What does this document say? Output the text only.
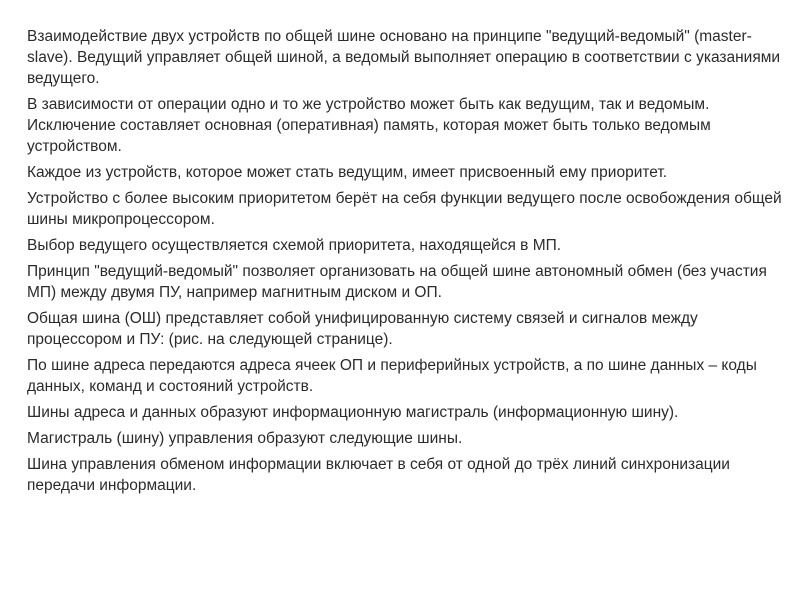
Взаимодействие двух устройств по общей шине основано на принципе "ведущий-ведомый" (master-slave). Ведущий управляет общей шиной, а ведомый выполняет операцию в соответствии с указаниями ведущего.

В зависимости от операции одно и то же устройство может быть как ведущим, так и ведомым. Исключение составляет основная (оперативная) память, которая может быть только ведомым устройством.

Каждое из устройств, которое может стать ведущим, имеет присвоенный ему приоритет.

Устройство с более высоким приоритетом берёт на себя функции ведущего после освобождения общей шины микропроцессором.

Выбор ведущего осуществляется схемой приоритета, находящейся в МП.

Принцип "ведущий-ведомый" позволяет организовать на общей шине автономный обмен (без участия МП) между двумя ПУ, например магнитным диском и ОП.

Общая шина (ОШ) представляет собой унифицированную систему связей и сигналов между процессором и ПУ: (рис. на следующей странице).

По шине адреса передаются адреса ячеек ОП и периферийных устройств, а по шине данных – коды данных, команд и состояний устройств.

Шины адреса и данных образуют информационную магистраль (информационную шину).

Магистраль (шину) управления образуют следующие шины.

Шина управления обменом информации включает в себя от одной до трёх линий синхронизации передачи информации.
